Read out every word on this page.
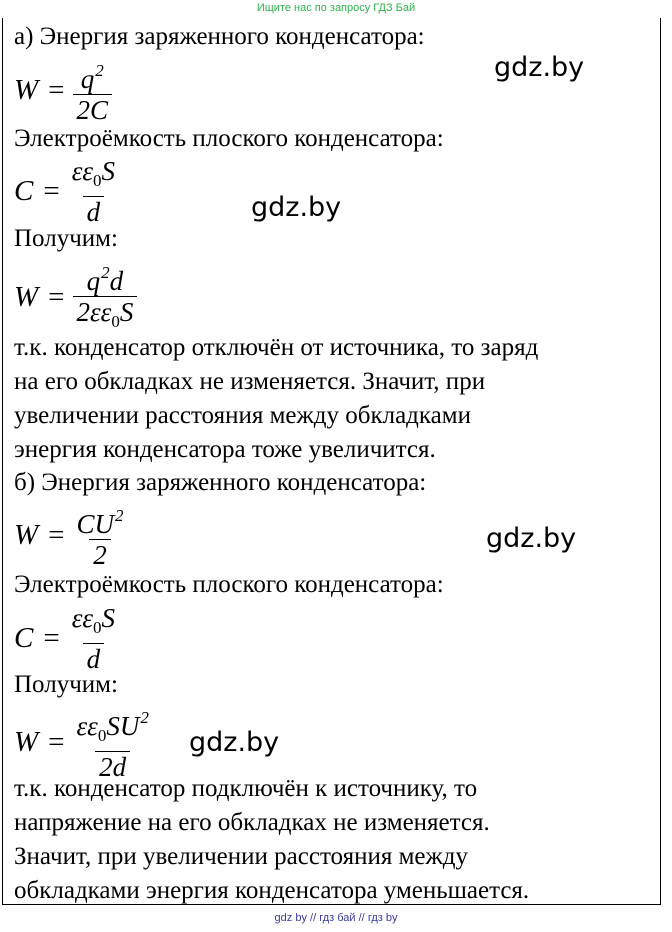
Ищите нас по запросу ГДЗ Бай

а) Энергия заряженного конденсатора:

$W = \frac{q^2}{2C}$

Электроёмкость плоского конденсатора:

$C = \frac{\varepsilon\varepsilon_0S}{d}$

Получим:

$W = \frac{q^2d}{2\varepsilon\varepsilon_0S}$

т.к. конденсатор отключён от источника, то заряд

на его обкладках не изменяется. Значит, при

увеличении расстояния между обкладками

энергия конденсатора тоже увеличится.

б) Энергия заряженного конденсатора:

$W = \frac{CU^2}{2}$

Электроёмкость плоского конденсатора:

$C = \frac{\varepsilon\varepsilon_0S}{d}$

Получим:

$W = \frac{\varepsilon\varepsilon_0SU^2}{2d}$

т.к. конденсатор подключён к источнику, то

напряжение на его обкладках не изменяется.

Значит, при увеличении расстояния между

обкладками энергия конденсатора уменьшается.

gdz.by
gdz.by
gdz.by
gdz.by
gdz by // гдз бай // гдз by
